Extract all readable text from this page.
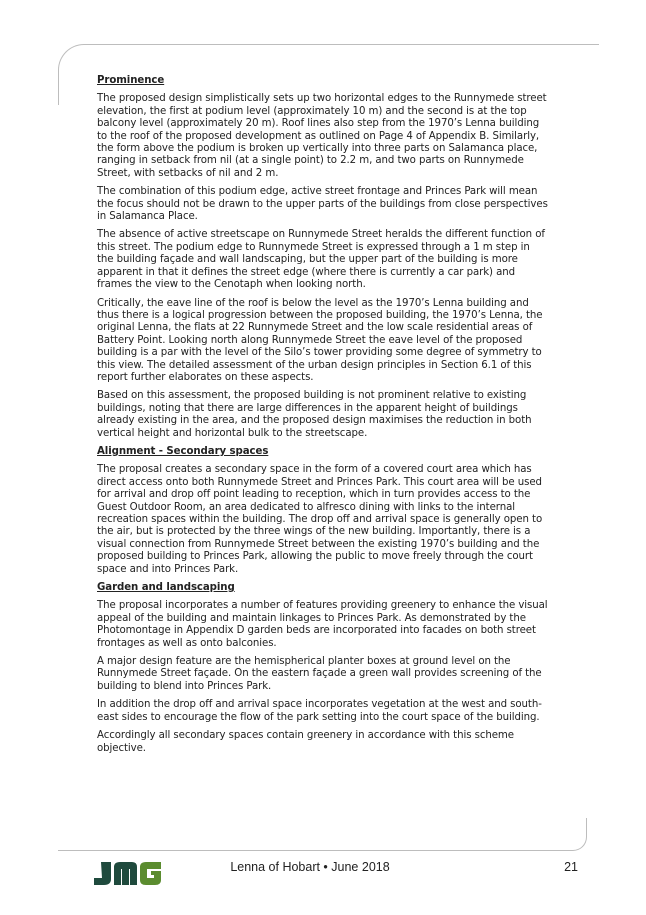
Prominence

The proposed design simplistically sets up two horizontal edges to the Runnymede street elevation, the first at podium level (approximately 10 m) and the second is at the top balcony level (approximately 20 m). Roof lines also step from the 1970’s Lenna building to the roof of the proposed development as outlined on Page 4 of Appendix B. Similarly, the form above the podium is broken up vertically into three parts on Salamanca place, ranging in setback from nil (at a single point) to 2.2 m, and two parts on Runnymede Street, with setbacks of nil and 2 m.

The combination of this podium edge, active street frontage and Princes Park will mean the focus should not be drawn to the upper parts of the buildings from close perspectives in Salamanca Place.

The absence of active streetscape on Runnymede Street heralds the different function of this street. The podium edge to Runnymede Street is expressed through a 1 m step in the building façade and wall landscaping, but the upper part of the building is more apparent in that it defines the street edge (where there is currently a car park) and frames the view to the Cenotaph when looking north.

Critically, the eave line of the roof is below the level as the 1970’s Lenna building and thus there is a logical progression between the proposed building, the 1970’s Lenna, the original Lenna, the flats at 22 Runnymede Street and the low scale residential areas of Battery Point. Looking north along Runnymede Street the eave level of the proposed building is a par with the level of the Silo’s tower providing some degree of symmetry to this view. The detailed assessment of the urban design principles in Section 6.1 of this report further elaborates on these aspects.

Based on this assessment, the proposed building is not prominent relative to existing buildings, noting that there are large differences in the apparent height of buildings already existing in the area, and the proposed design maximises the reduction in both vertical height and horizontal bulk to the streetscape.

Alignment - Secondary spaces

The proposal creates a secondary space in the form of a covered court area which has direct access onto both Runnymede Street and Princes Park. This court area will be used for arrival and drop off point leading to reception, which in turn provides access to the Guest Outdoor Room, an area dedicated to alfresco dining with links to the internal recreation spaces within the building. The drop off and arrival space is generally open to the air, but is protected by the three wings of the new building. Importantly, there is a visual connection from Runnymede Street between the existing 1970’s building and the proposed building to Princes Park, allowing the public to move freely through the court space and into Princes Park.

Garden and landscaping

The proposal incorporates a number of features providing greenery to enhance the visual appeal of the building and maintain linkages to Princes Park. As demonstrated by the Photomontage in Appendix D garden beds are incorporated into facades on both street frontages as well as onto balconies.

A major design feature are the hemispherical planter boxes at ground level on the Runnymede Street façade. On the eastern façade a green wall provides screening of the building to blend into Princes Park.

In addition the drop off and arrival space incorporates vegetation at the west and south-east sides to encourage the flow of the park setting into the court space of the building.

Accordingly all secondary spaces contain greenery in accordance with this scheme objective.

Lenna of Hobart • June 2018	21
